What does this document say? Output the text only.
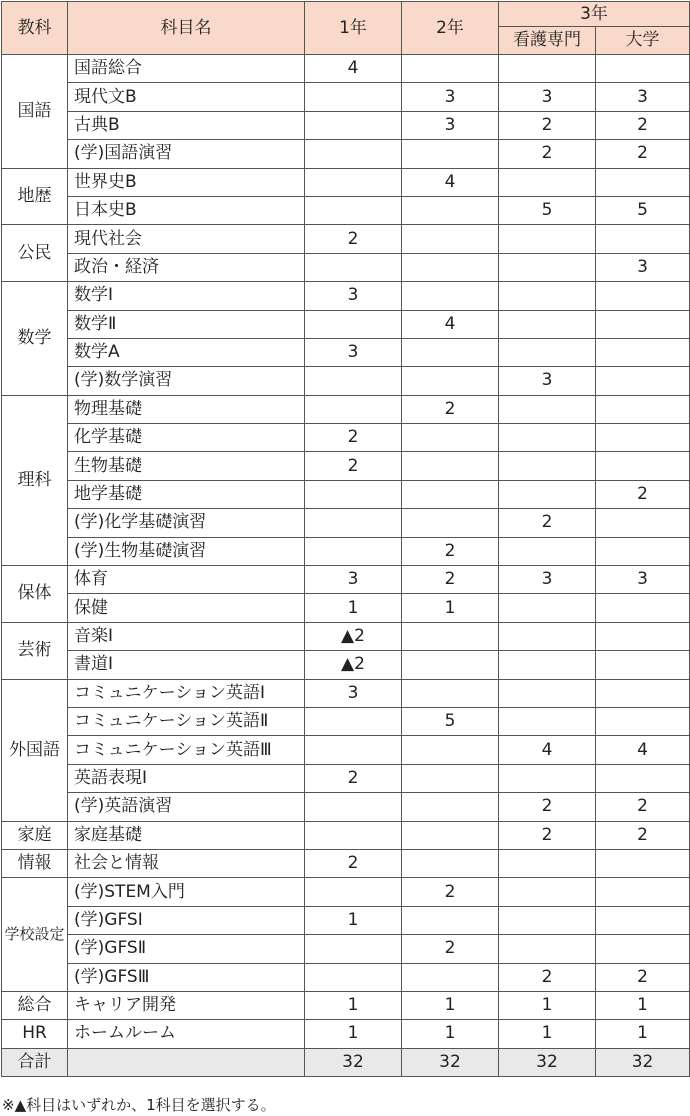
教科	科目名	1年	2年	3年	
				看護専門	大学
国語	国語総合	4			
	現代文B		3	3	3
	古典B		3	2	2
	(学)国語演習			2	2
地歴	世界史B		4		
	日本史B			5	5
公民	現代社会	2			
	政治・経済				3
数学	数学Ⅰ	3			
	数学Ⅱ		4		
	数学A	3			
	(学)数学演習			3	
理科	物理基礎		2		
	化学基礎	2			
	生物基礎	2			
	地学基礎				2
	(学)化学基礎演習			2	
	(学)生物基礎演習		2		
保体	体育	3	2	3	3
	保健	1	1		
芸術	音楽Ⅰ	▲2			
	書道Ⅰ	▲2			
外国語	コミュニケーション英語Ⅰ	3			
	コミュニケーション英語Ⅱ		5		
	コミュニケーション英語Ⅲ			4	4
	英語表現Ⅰ	2			
	(学)英語演習			2	2
家庭	家庭基礎			2	2
情報	社会と情報	2			
学校設定	(学)STEM入門		2		
	(学)GFSⅠ	1			
	(学)GFSⅡ		2		
	(学)GFSⅢ			2	2
総合	キャリア開発	1	1	1	1
HR	ホームルーム	1	1	1	1
合計		32	32	32	32
※▲科目はいずれか、1科目を選択する。
